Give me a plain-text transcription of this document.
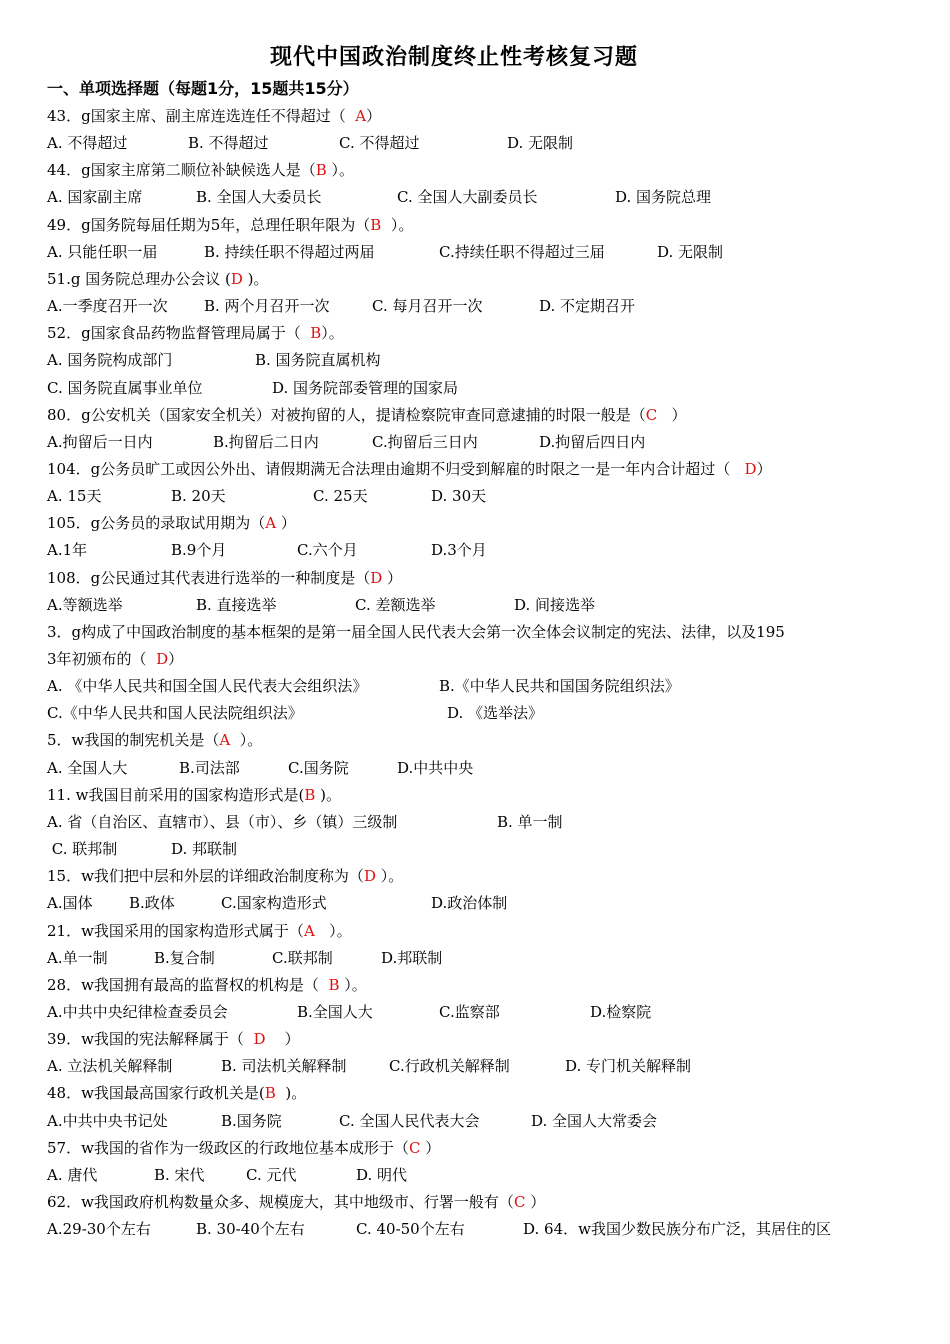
现代中国政治制度终止性考核复习题
一、单项选择题（每题1分，15题共15分）
43．g国家主席、副主席连选连任不得超过（  A）
A. 不得超过	B. 不得超过	C. 不得超过	D. 无限制
44．g国家主席第二顺位补缺候选人是（B ）。
A. 国家副主席	B. 全国人大委员长	C. 全国人大副委员长	D. 国务院总理
49．g国务院每届任期为5年，总理任职年限为（B  ）。
A. 只能任职一届	B. 持续任职不得超过两届	C.持续任职不得超过三届	D. 无限制
51.g 国务院总理办公会议 (D )。
A.一季度召开一次 B. 两个月召开一次	C. 每月召开一次	D. 不定期召开
52．g国家食品药物监督管理局属于（  B）。
A. 国务院构成部门	B. 国务院直属机构
C. 国务院直属事业单位	D. 国务院部委管理的国家局
80．g公安机关（国家安全机关）对被拘留的人，提请检察院审查同意逮捕的时限一般是（C   ）
A.拘留后一日内	B.拘留后二日内	C.拘留后三日内	D.拘留后四日内
104．g公务员旷工或因公外出、请假期满无合法理由逾期不归受到解雇的时限之一是一年内合计超过（   D）
A. 15天	B. 20天	C. 25天	D. 30天
105．g公务员的录取试用期为（A ）
A.1年	B.9个月	C.六个月	D.3个月
108．g公民通过其代表进行选举的一种制度是（D ）
A.等额选举	B. 直接选举	C. 差额选举	D. 间接选举
3．g构成了中国政治制度的基本框架的是第一届全国人民代表大会第一次全体会议制定的宪法、法律，以及195
3年初颁布的（  D）
A. 《中华人民共和国全国人民代表大会组织法》	B.《中华人民共和国国务院组织法》
C.《中华人民共和国人民法院组织法》	D. 《选举法》
5．w我国的制宪机关是（A  ）。
A. 全国人大	B.司法部	C.国务院	D.中共中央
11. w我国目前采用的国家构造形式是(B )。
A. 省（自治区、直辖市）、县（市）、乡（镇）三级制	B. 单一制
C. 联邦制	D. 邦联制
15．w我们把中层和外层的详细政治制度称为（D ）。
A.国体 B.政体	C.国家构造形式	D.政治体制
21．w我国采用的国家构造形式属于（A   ）。
A.单一制	B.复合制	C.联邦制	D.邦联制
28．w我国拥有最高的监督权的机构是（  B ）。
A.中共中央纪律检查委员会	B.全国人大	C.监察部	D.检察院
39．w我国的宪法解释属于（  D    ）
A. 立法机关解释制	B. 司法机关解释制	C.行政机关解释制	D. 专门机关解释制
48．w我国最高国家行政机关是(B  )。
A.中共中央书记处	B.国务院	C. 全国人民代表大会	D. 全国人大常委会
57．w我国的省作为一级政区的行政地位基本成形于（C ）
A. 唐代	B. 宋代	C. 元代	D. 明代
62．w我国政府机构数量众多、规模庞大，其中地级市、行署一般有（C ）
A.29-30个左右	B. 30-40个左右	C. 40-50个左右	D. 64．w我国少数民族分布广泛，其居住的区
